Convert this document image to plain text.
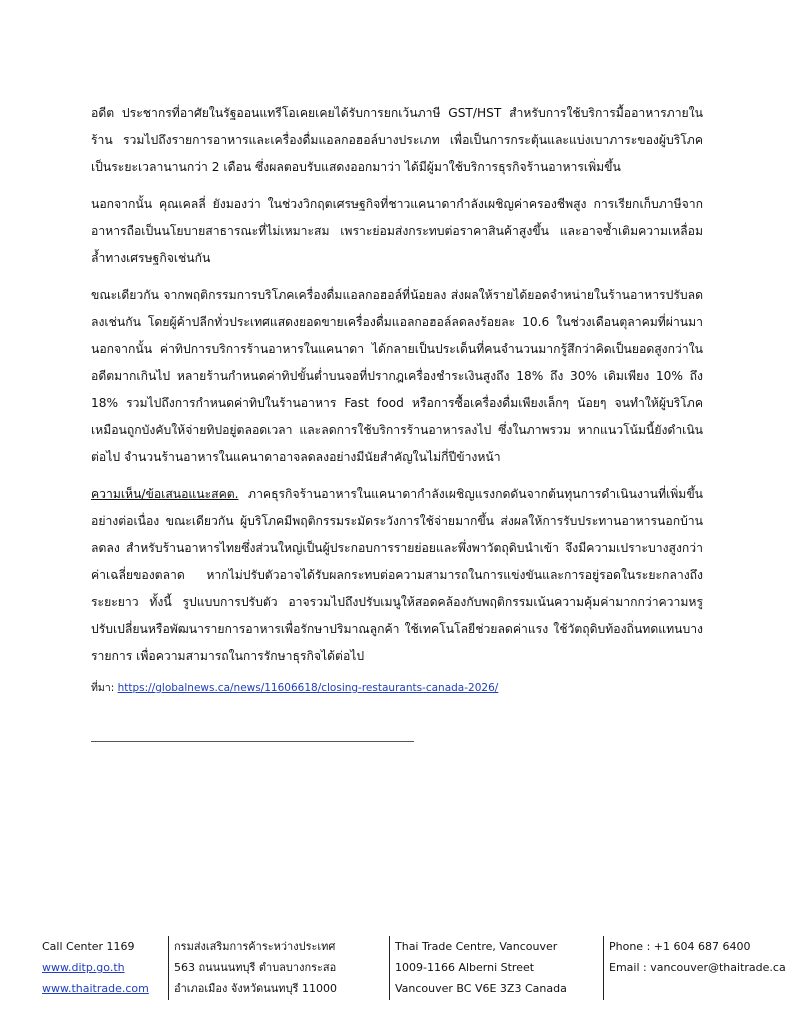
อดีต ประชากรที่อาศัยในรัฐออนแทรีโอเคยเคยได้รับการยกเว้นภาษี GST/HST สำหรับการใช้บริการมื้ออาหารภายในร้าน รวมไปถึงรายการอาหารและเครื่องดื่มแอลกอฮอล์บางประเภท เพื่อเป็นการกระตุ้นและแบ่งเบาภาระของผู้บริโภคเป็นระยะเวลานานกว่า 2 เดือน ซึ่งผลตอบรับแสดงออกมาว่า ได้มีผู้มาใช้บริการธุรกิจร้านอาหารเพิ่มขึ้น

นอกจากนั้น คุณเคลลี่ ยังมองว่า ในช่วงวิกฤตเศรษฐกิจที่ชาวแคนาดากำลังเผชิญค่าครองชีพสูง การเรียกเก็บภาษีจากอาหารถือเป็นนโยบายสาธารณะที่ไม่เหมาะสม เพราะย่อมส่งกระทบต่อราคาสินค้าสูงขึ้น และอาจซ้ำเติมความเหลื่อมล้ำทางเศรษฐกิจเช่นกัน

ขณะเดียวกัน จากพฤติกรรมการบริโภคเครื่องดื่มแอลกอฮอล์ที่น้อยลง ส่งผลให้รายได้ยอดจำหน่ายในร้านอาหารปรับลดลงเช่นกัน โดยผู้ค้าปลีกทั่วประเทศแสดงยอดขายเครื่องดื่มแอลกอฮอล์ลดลงร้อยละ 10.6 ในช่วงเดือนตุลาคมที่ผ่านมา นอกจากนั้น ค่าทิปการบริการร้านอาหารในแคนาดา ได้กลายเป็นประเด็นที่คนจำนวนมากรู้สึกว่าคิดเป็นยอดสูงกว่าในอดีตมากเกินไป หลายร้านกำหนดค่าทิปขั้นต่ำบนจอที่ปรากฎเครื่องชำระเงินสูงถึง 18% ถึง 30% เดิมเพียง 10% ถึง 18% รวมไปถึงการกำหนดค่าทิปในร้านอาหาร Fast food หรือการซื้อเครื่องดื่มเพียงเล็กๆ น้อยๆ จนทำให้ผู้บริโภคเหมือนถูกบังคับให้จ่ายทิปอยู่ตลอดเวลา และลดการใช้บริการร้านอาหารลงไป ซึ่งในภาพรวม หากแนวโน้มนี้ยังดำเนินต่อไป จำนวนร้านอาหารในแคนาดาอาจลดลงอย่างมีนัยสำคัญในไม่กี่ปีข้างหน้า

ความเห็น/ข้อเสนอแนะสคต. ภาคธุรกิจร้านอาหารในแคนาดากำลังเผชิญแรงกดดันจากต้นทุนการดำเนินงานที่เพิ่มขึ้นอย่างต่อเนื่อง ขณะเดียวกัน ผู้บริโภคมีพฤติกรรมระมัดระวังการใช้จ่ายมากขึ้น ส่งผลให้การรับประทานอาหารนอกบ้านลดลง สำหรับร้านอาหารไทยซึ่งส่วนใหญ่เป็นผู้ประกอบการรายย่อยและพึ่งพาวัตถุดิบนำเข้า จึงมีความเปราะบางสูงกว่าค่าเฉลี่ยของตลาด หากไม่ปรับตัวอาจได้รับผลกระทบต่อความสามารถในการแข่งขันและการอยู่รอดในระยะกลางถึงระยะยาว ทั้งนี้ รูปแบบการปรับตัว อาจรวมไปถึงปรับเมนูให้สอดคล้องกับพฤติกรรมเน้นความคุ้มค่ามากกว่าความหรู ปรับเปลี่ยนหรือพัฒนารายการอาหารเพื่อรักษาปริมาณลูกค้า ใช้เทคโนโลยีช่วยลดค่าแรง ใช้วัตถุดิบท้องถิ่นทดแทนบางรายการ เพื่อความสามารถในการรักษาธุรกิจได้ต่อไป

ที่มา: https://globalnews.ca/news/11606618/closing-restaurants-canada-2026/
Call Center 1169
www.ditp.go.th
www.thaitrade.com
กรมส่งเสริมการค้าระหว่างประเทศ
563 ถนนนนทบุรี ตำบลบางกระสอ
อำเภอเมือง จังหวัดนนทบุรี 11000
Thai Trade Centre, Vancouver
1009-1166 Alberni Street
Vancouver BC V6E 3Z3 Canada
Phone : +1 604 687 6400
Email : vancouver@thaitrade.ca
